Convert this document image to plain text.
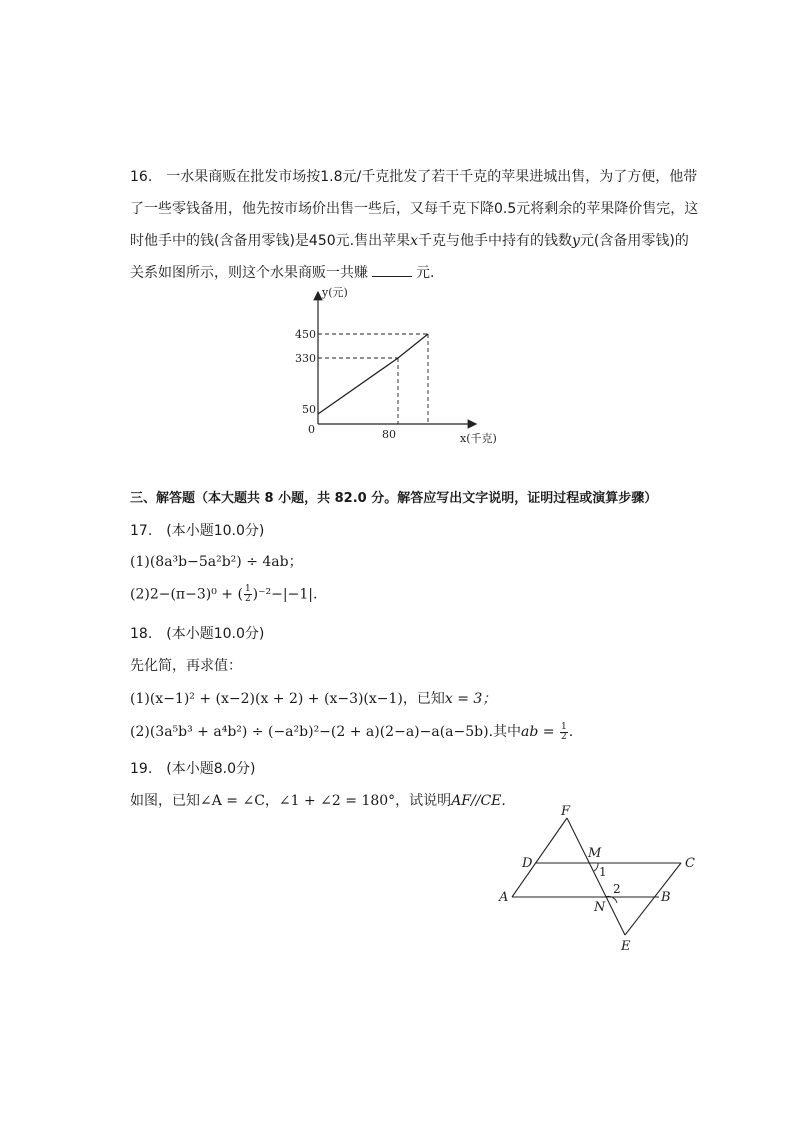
16.　一水果商贩在批发市场按1.8元/千克批发了若干千克的苹果进城出售，为了方便，他带
了一些零钱备用，他先按市场价出售一些后，又每千克下降0.5元将剩余的苹果降价售完，这
时他手中的钱(含备用零钱)是450元.售出苹果x千克与他手中持有的钱数y元(含备用零钱)的
关系如图所示，则这个水果商贩一共赚	元.
y(元)
x(千克)
450
330
50
0	80
三、解答题（本大题共 8 小题，共 82.0 分。解答应写出文字说明，证明过程或演算步骤）
17.　(本小题10.0分)
(1)(8a³b−5a²b²) ÷ 4ab；
(2)2−(π−3)⁰ + ( $\frac{1}{2} )^{-2}-|-1|$.
18.　(本小题10.0分)
先化简，再求值：
(1)(x−1)² + (x−2)(x + 2) + (x−3)(x−1)，已知x = 3；
(2)(3a⁵b³ + a⁴b²) ÷ (−a²b)²−(2 + a)(2−a)−a(a−5b).其中ab = $\frac{1}{2}$ .
19.　(本小题8.0分)
如图，已知∠A = ∠C，∠1 + ∠2 = 180°，试说明AF//CE.
F
M
D	C
1
2
A
N
B
E
